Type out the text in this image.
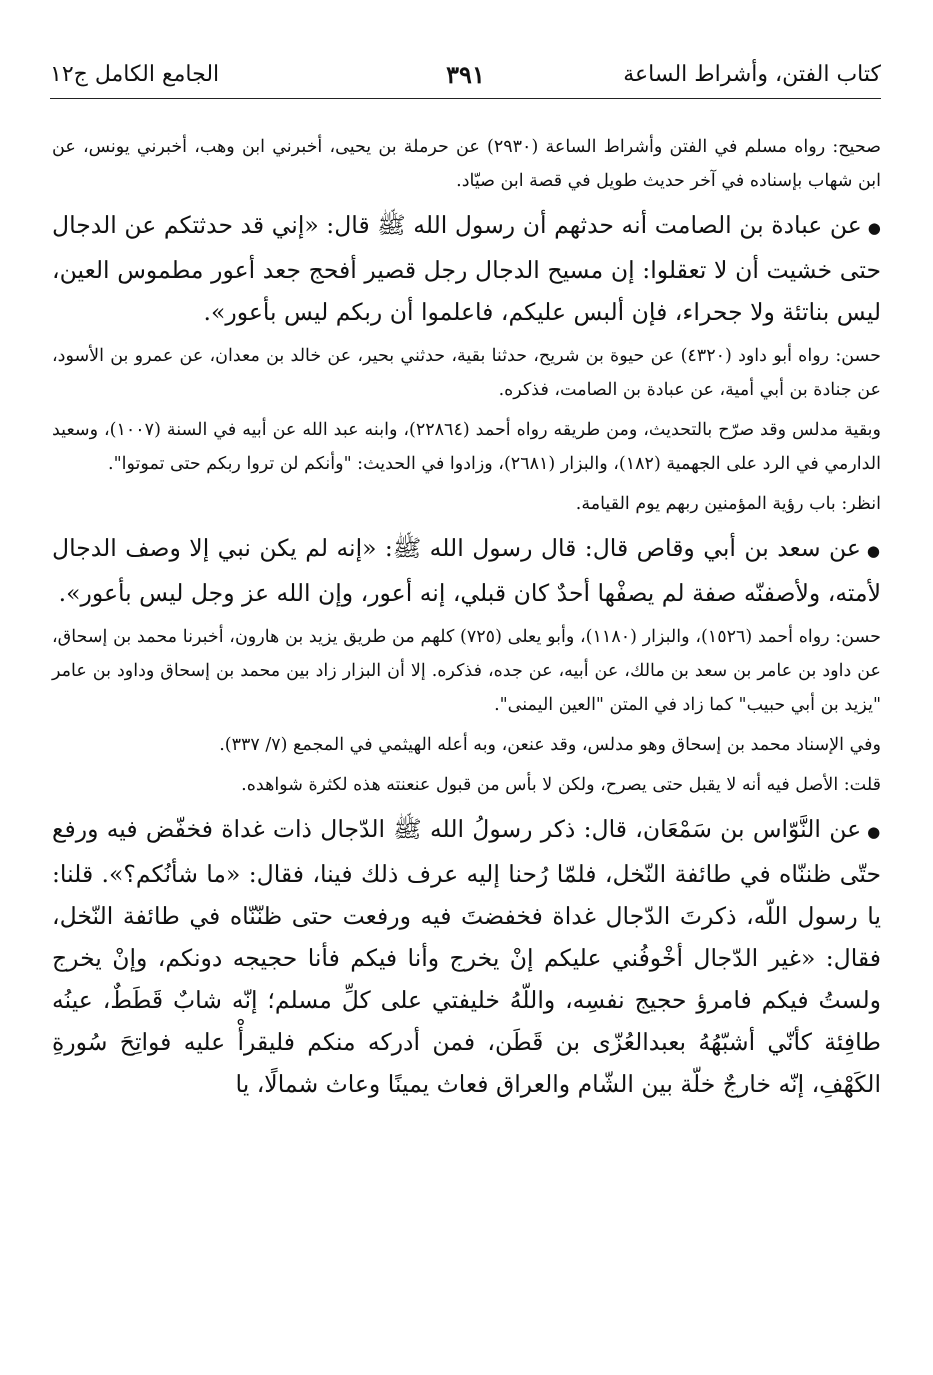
كتاب الفتن، وأشراط الساعة
٣٩١
الجامع الكامل ج١٢

صحيح: رواه مسلم في الفتن وأشراط الساعة (٢٩٣٠) عن حرملة بن يحيى، أخبرني ابن وهب، أخبرني يونس، عن ابن شهاب بإسناده في آخر حديث طويل في قصة ابن صيّاد.

●عن عبادة بن الصامت أنه حدثهم أن رسول الله ﷺ قال: «إني قد حدثتكم عن الدجال حتى خشيت أن لا تعقلوا: إن مسيح الدجال رجل قصير أفحج جعد أعور مطموس العين، ليس بناتئة ولا جحراء، فإن ألبس عليكم، فاعلموا أن ربكم ليس بأعور».

حسن: رواه أبو داود (٤٣٢٠) عن حيوة بن شريح، حدثنا بقية، حدثني بحير، عن خالد بن معدان، عن عمرو بن الأسود، عن جنادة بن أبي أمية، عن عبادة بن الصامت، فذكره.

وبقية مدلس وقد صرّح بالتحديث، ومن طريقه رواه أحمد (٢٢٨٦٤)، وابنه عبد الله عن أبيه في السنة (١٠٠٧)، وسعيد الدارمي في الرد على الجهمية (١٨٢)، والبزار (٢٦٨١)، وزادوا في الحديث: "وأنكم لن تروا ربكم حتى تموتوا".

انظر: باب رؤية المؤمنين ربهم يوم القيامة.

●عن سعد بن أبي وقاص قال: قال رسول الله ﷺ: «إنه لم يكن نبي إلا وصف الدجال لأمته، ولأصفنّه صفة لم يصفْها أحدٌ كان قبلي، إنه أعور، وإن الله عز وجل ليس بأعور».

حسن: رواه أحمد (١٥٢٦)، والبزار (١١٨٠)، وأبو يعلى (٧٢٥) كلهم من طريق يزيد بن هارون، أخبرنا محمد بن إسحاق، عن داود بن عامر بن سعد بن مالك، عن أبيه، عن جده، فذكره. إلا أن البزار زاد بين محمد بن إسحاق وداود بن عامر "يزيد بن أبي حبيب" كما زاد في المتن "العين اليمنى".

وفي الإسناد محمد بن إسحاق وهو مدلس، وقد عنعن، وبه أعله الهيثمي في المجمع (٧/ ٣٣٧).

قلت: الأصل فيه أنه لا يقبل حتى يصرح، ولكن لا بأس من قبول عنعنته هذه لكثرة شواهده.

●عن النَّوّاس بن سَمْعَان، قال: ذكر رسولُ الله ﷺ الدّجال ذات غداة فخفّض فيه ورفع حتّى ظننّاه في طائفة النّخل، فلمّا رُحنا إليه عرف ذلك فينا، فقال: «ما شأنُكم؟». قلنا: يا رسول اللّه، ذكرتَ الدّجال غداة فخفضتَ فيه ورفعت حتى ظنّنّاه في طائفة النّخل، فقال: «غير الدّجال أخْوفُني عليكم إنْ يخرج وأنا فيكم فأنا حجيجه دونكم، وإنْ يخرج ولستُ فيكم فامرؤ حجيج نفسِه، واللّهُ خليفتي على كلِّ مسلم؛ إنّه شابٌ قَطَطٌ، عينُه طافِئة كأنّي أشبّهُهُ بعبدالعُزّى بن قَطَن، فمن أدركه منكم فليقرأْ عليه فواتِحَ سُورةِ الكَهْفِ، إنّه خارجٌ خلّة بين الشّام والعراق فعاث يمينًا وعاث شمالًا، يا
